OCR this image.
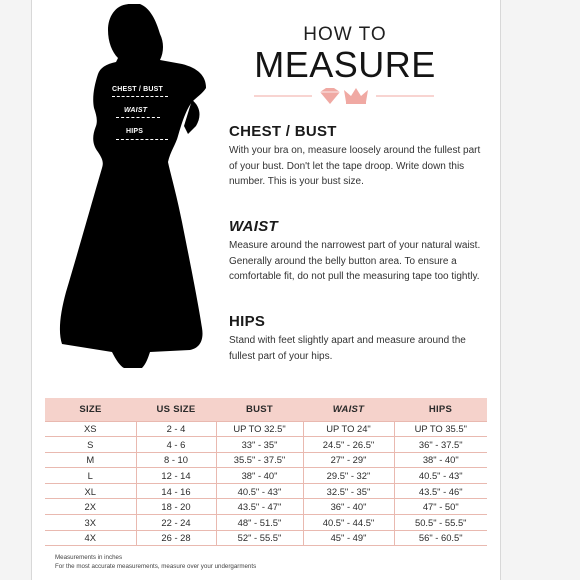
CHEST / BUST
WAIST
HIPS
HOW TO
MEASURE
CHEST / BUST
With your bra on, measure loosely around the fullest part of your bust. Don't let the tape droop. Write down this number. This is your bust size.
WAIST
Measure around the narrowest part of your natural waist. Generally around the belly button area. To ensure a comfortable fit, do not pull the measuring tape too tightly.
HIPS
Stand with feet slightly apart and measure around the fullest part of your hips.
SIZE	US SIZE	BUST	WAIST	HIPS
XS	2 - 4	UP TO 32.5"	UP TO 24"	UP TO 35.5"
S	4 - 6	33" - 35"	24.5" - 26.5"	36" - 37.5"
M	8 - 10	35.5" - 37.5"	27" - 29"	38" - 40"
L	12 - 14	38" - 40"	29.5" - 32"	40.5" - 43"
XL	14 - 16	40.5" - 43"	32.5" - 35"	43.5" - 46"
2X	18 - 20	43.5" - 47"	36" - 40"	47" - 50"
3X	22 - 24	48" - 51.5"	40.5" - 44.5"	50.5" - 55.5"
4X	26 - 28	52" - 55.5"	45" - 49"	56" - 60.5"
Measurements in inches
For the most accurate measurements, measure over your undergarments
